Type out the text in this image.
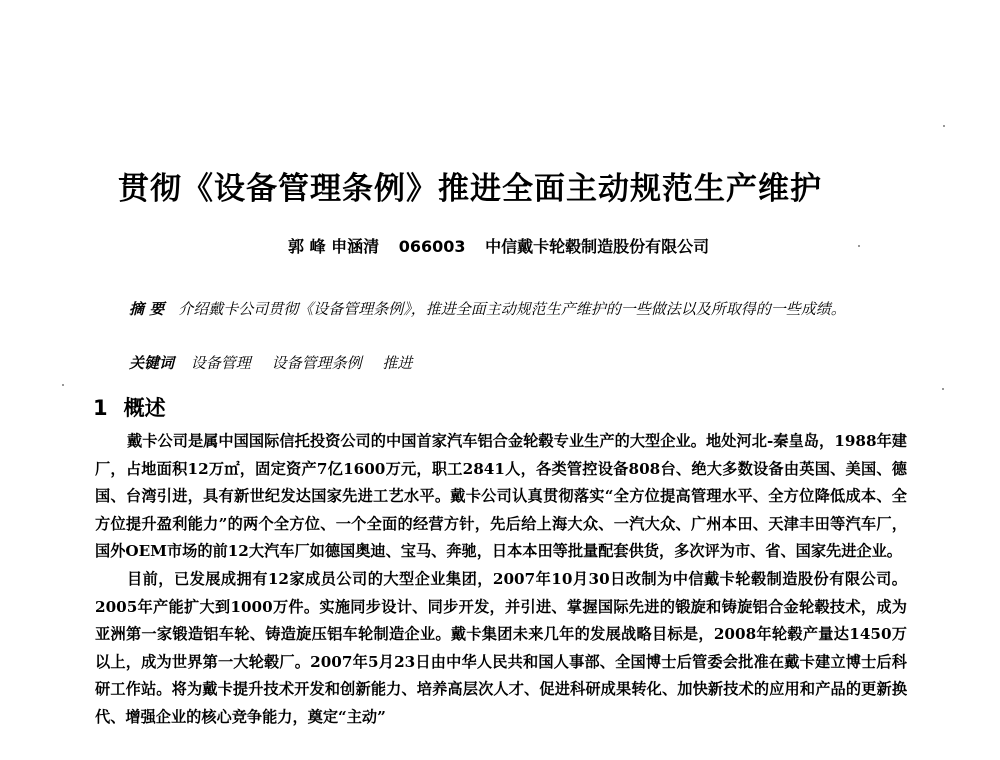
贯彻《设备管理条例》推进全面主动规范生产维护
郭 峰 申涵清 066003 中信戴卡轮毂制造股份有限公司
摘 要 介绍戴卡公司贯彻《设备管理条例》，推进全面主动规范生产维护的一些做法以及所取得的一些成绩。
关键词 设备管理 设备管理条例 推进
1 概述

戴卡公司是属中国国际信托投资公司的中国首家汽车铝合金轮毂专业生产的大型企业。地处河北-秦皇岛，1988年建厂，占地面积12万㎡，固定资产7亿1600万元，职工2841人，各类管控设备808台、绝大多数设备由英国、美国、德国、台湾引进，具有新世纪发达国家先进工艺水平。戴卡公司认真贯彻落实“全方位提高管理水平、全方位降低成本、全方位提升盈利能力”的两个全方位、一个全面的经营方针，先后给上海大众、一汽大众、广州本田、天津丰田等汽车厂，国外OEM市场的前12大汽车厂如德国奥迪、宝马、奔驰，日本本田等批量配套供货，多次评为市、省、国家先进企业。

目前，已发展成拥有12家成员公司的大型企业集团，2007年10月30日改制为中信戴卡轮毂制造股份有限公司。2005年产能扩大到1000万件。实施同步设计、同步开发，并引进、掌握国际先进的锻旋和铸旋铝合金轮毂技术，成为亚洲第一家锻造铝车轮、铸造旋压铝车轮制造企业。戴卡集团未来几年的发展战略目标是，2008年轮毂产量达1450万以上，成为世界第一大轮毂厂。2007年5月23日由中华人民共和国人事部、全国博士后管委会批准在戴卡建立博士后科研工作站。将为戴卡提升技术开发和创新能力、培养高层次人才、促进科研成果转化、加快新技术的应用和产品的更新换代、增强企业的核心竞争能力，奠定“主动”
